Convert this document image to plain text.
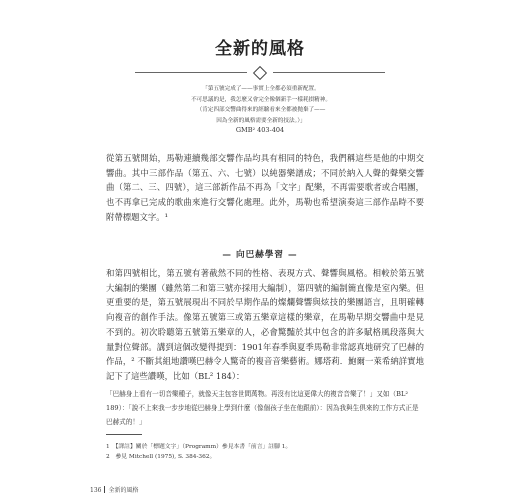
全新的風格

「第五號完成了——事實上全都必須重新配置。

不可思議的是，我怎麼又會完全像個新手一樣耗損精神。

（肯定四部交響曲得來的經驗看來全都被抛棄了——

因為全新的風格需要全新的技法。）」

GMB² 403-404

從第五號開始，馬勒連續幾部交響作品均具有相同的特色，我們稱這些是他的中期交響曲。其中三部作品（第五、六、七號）以純器樂譜成；不同於納入人聲的聲樂交響曲（第二、三、四號），這三部新作品不再為「文字」配樂，不再需要歌者或合唱團，也不再拿已完成的歌曲來進行交響化處理。此外，馬勒也希望演奏這三部作品時不要附帶標題文字。¹

— 向巴赫學習 —

和第四號相比，第五號有著截然不同的性格、表現方式、聲響與風格。相較於第五號大編制的樂團（雖然第二和第三號亦採用大編制），第四號的編制簡直像是室內樂。但更重要的是，第五號展現出不同於早期作品的燦爛聲響與炫技的樂團語言，且明確轉向複音的創作手法。像第五號第三或第五樂章這樣的樂章，在馬勒早期交響曲中是見不到的。初次聆聽第五號第五樂章的人，必會驚豔於其中包含的許多賦格風段落與大量對位聲部。講到這個改變得提到：1901年春季與夏季馬勒非常認真地研究了巴赫的作品，² 不斷其組地讚嘆巴赫令人驚奇的複音音樂藝術。娜塔莉．鮑爾一萊希納詳實地記下了這些讚嘆，比如（BL² 184）：

「巴赫身上看有一切音樂種子，就像天主包容世間萬物。再沒有比這更偉大的複音音樂了！」又如（BL² 189）：「說不上來我一步步地從巴赫身上學到什麼（像個孩子坐在他跟前）：因為我與生俱來的工作方式正是巴赫式的！」

1　【譯註】關於「標題文字」（Programm）參見本書「前言」註腳 1。
2　參見 Mitchell (1975), S. 384-362。
136 全新的風格
